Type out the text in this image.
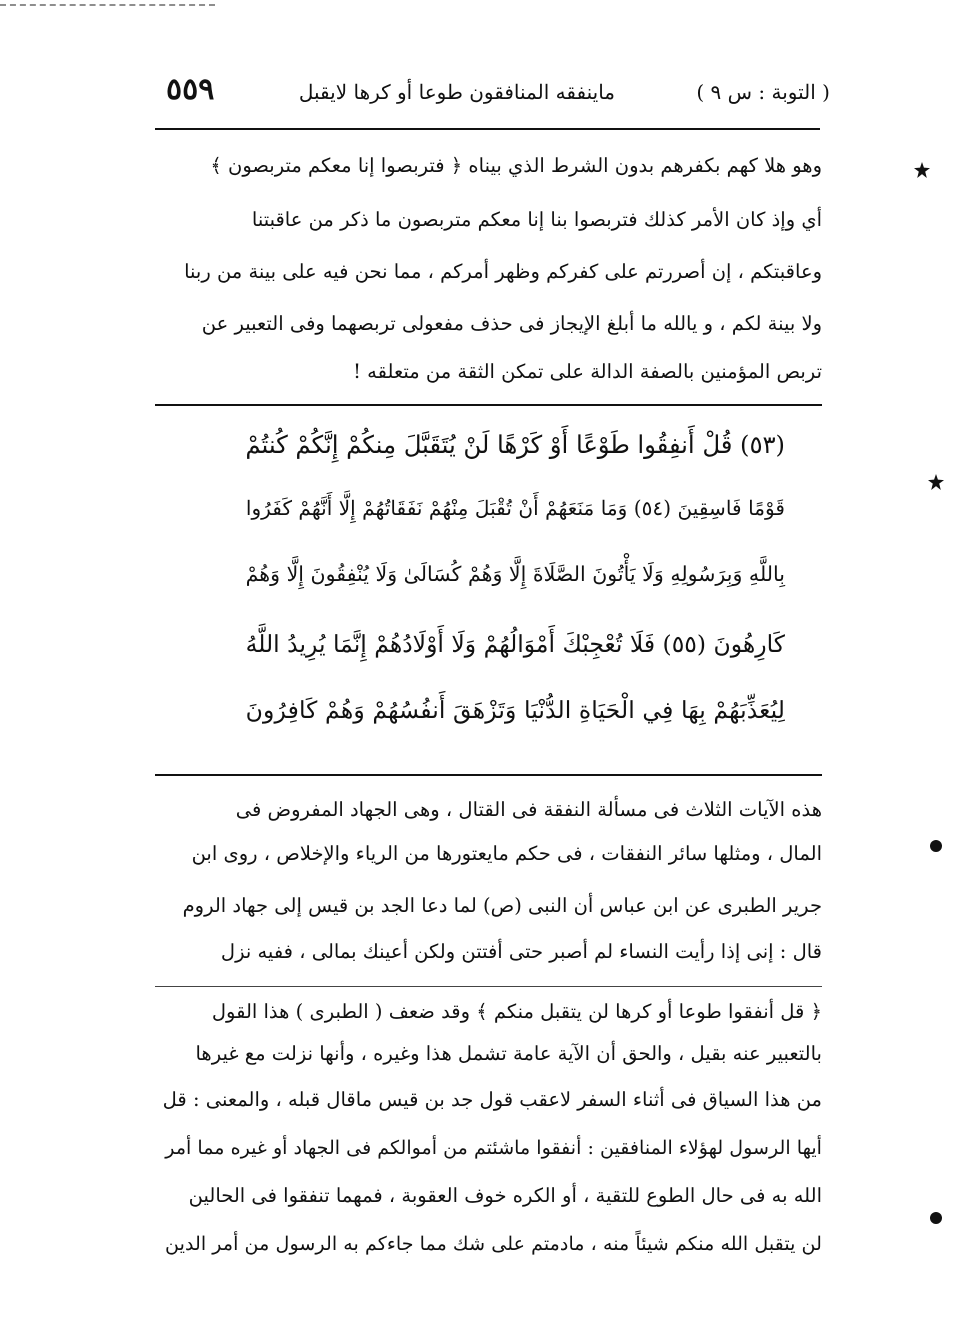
( التوبة : س ٩ )
ماينفقه المنافقون طوعا أو كرها لايقبل
٥٥٩
وهو هلا كهم بكفرهم بدون الشرط الذي بيناه ﴿ فتربصوا إنا معكم متربصون ﴾
أي وإذ كان الأمر كذلك فتربصوا بنا إنا معكم متربصون ما ذكر من عاقبتنا
وعاقبتكم ، إن أصررتم على كفركم وظهر أمركم ، مما نحن فيه على بينة من ربنا
ولا بينة لكم ، و يالله ما أبلغ الإيجاز فى حذف مفعولى تربصهما وفى التعبير عن
تربص المؤمنين بالصفة الدالة على تمكن الثقة من متعلقه !
(٥٣) قُلْ أَنفِقُوا طَوْعًا أَوْ كَرْهًا لَنْ يُتَقَبَّلَ مِنكُمْ إِنَّكُمْ كُنتُمْ
قَوْمًا فَاسِقِينَ (٥٤) وَمَا مَنَعَهُمْ أَنْ تُقْبَلَ مِنْهُمْ نَفَقَاتُهُمْ إِلَّا أَنَّهُمْ كَفَرُوا
بِاللَّهِ وَبِرَسُولِهِ وَلَا يَأْتُونَ الصَّلَاةَ إِلَّا وَهُمْ كُسَالَىٰ وَلَا يُنْفِقُونَ إِلَّا وَهُمْ
كَارِهُونَ (٥٥) فَلَا تُعْجِبْكَ أَمْوَالُهُمْ وَلَا أَوْلَادُهُمْ إِنَّمَا يُرِيدُ اللَّهُ
لِيُعَذِّبَهُمْ بِهَا فِي الْحَيَاةِ الدُّنْيَا وَتَزْهَقَ أَنفُسُهُمْ وَهُمْ كَافِرُونَ
هذه الآيات الثلاث فى مسألة النفقة فى القتال ، وهى الجهاد المفروض فى
المال ، ومثلها سائر النفقات ، فى حكم مايعتورها من الرياء والإخلاص ، روى ابن
جرير الطبرى عن ابن عباس أن النبى (ص) لما دعا الجد بن قيس إلى جهاد الروم
قال : إنى إذا رأيت النساء لم أصبر حتى أفتتن ولكن أعينك بمالى ، ففيه نزل
﴿ قل أنفقوا طوعا أو كرها لن يتقبل منكم ﴾ وقد ضعف ( الطبرى ) هذا القول
بالتعبير عنه بقيل ، والحق أن الآية عامة تشمل هذا وغيره ، وأنها نزلت مع غيرها
من هذا السياق فى أثناء السفر لاعقب قول جد بن قيس ماقال قبله ، والمعنى : قل
أيها الرسول لهؤلاء المنافقين : أنفقوا ماشئتم من أموالكم فى الجهاد أو غيره مما أمر
الله به فى حال الطوع للتقية ، أو الكره خوف العقوبة ، فمهما تنفقوا فى الحالين
لن يتقبل الله منكم شيئاً منه ، مادمتم على شك مما جاءكم به الرسول من أمر الدين
